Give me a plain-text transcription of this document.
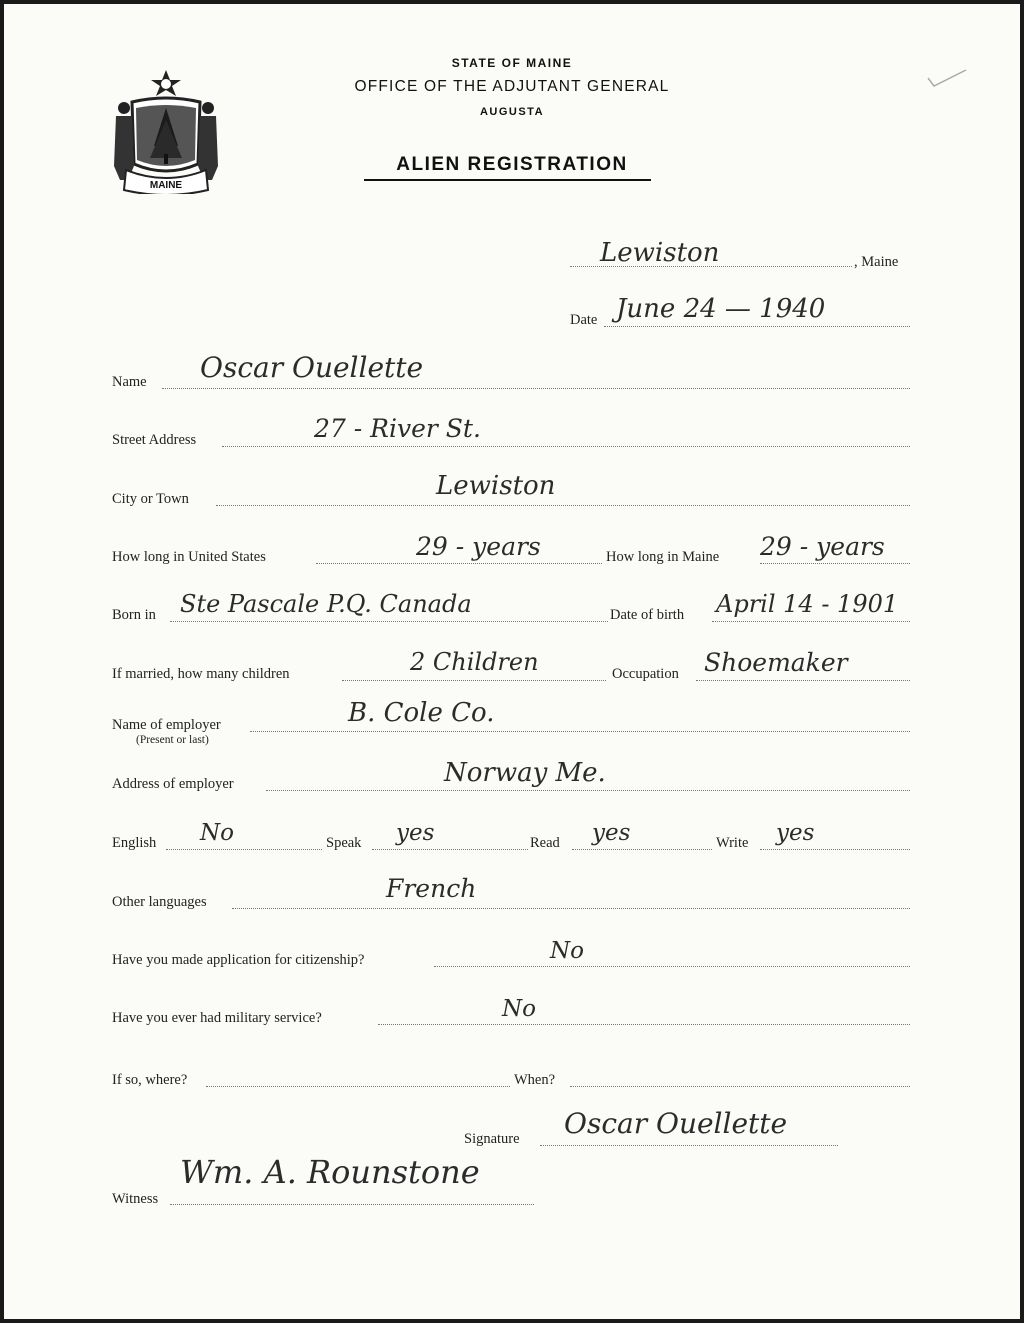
MAINE
STATE OF MAINE
OFFICE OF THE ADJUTANT GENERAL
AUGUSTA
ALIEN REGISTRATION
Lewiston	, Maine
Date June 24 — 1940
Name Oscar Ouellette
Street Address	27 - River St.
City or Town	Lewiston
How long in United States	29 - years	How long in Maine 29 - years
Born in Ste Pascale P.Q. Canada	Date of birth April 14 - 1901
If married, how many children	2 Children	Occupation Shoemaker
Name of employer
(Present or last)
B. Cole Co.
Address of employer	Norway Me.
English No	Speak yes	Read yes	Write yes
Other languages	French
Have you made application for citizenship?	No
Have you ever had military service?	No
If so, where?	When?
Signature Oscar Ouellette
Witness
Wm. A. Rounstone
